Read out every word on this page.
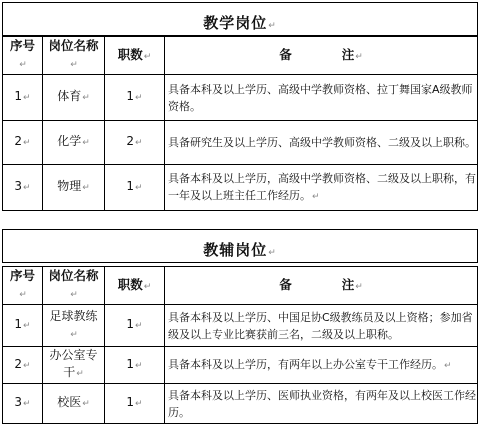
教学岗位↵
序号↵	岗位名称↵	职数↵	备　　　　注↵
1↵	体育↵	1↵	具备本科及以上学历、高级中学教师资格、拉丁舞国家A级教师资格。
2↵	化学↵	2↵	具备研究生及以上学历、高级中学教师资格、二级及以上职称。
3↵	物理↵	1↵	具备本科及以上学历，高级中学教师资格、二级及以上职称，有一年及以上班主任工作经历。↵
教辅岗位↵
序号↵	岗位名称↵	职数↵	备　　　　注↵
1↵	足球教练↵	1↵	具备本科及以上学历、中国足协C级教练员及以上资格；参加省级及以上专业比赛获前三名，二级及以上职称。
2↵	办公室专干↵	1↵	具备本科及以上学历，有两年以上办公室专干工作经历。↵
3↵	校医↵	1↵	具备本科及以上学历、医师执业资格，有两年及以上校医工作经历。
